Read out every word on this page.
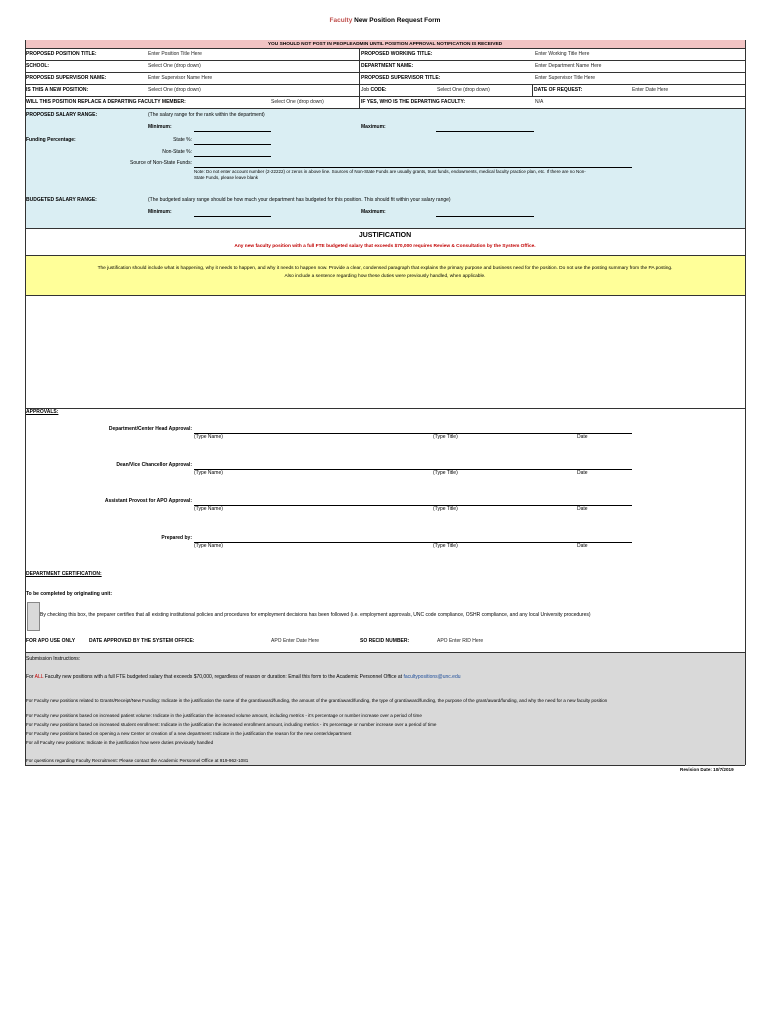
Faculty New Position Request Form
YOU SHOULD NOT POST IN PEOPLEADMIN UNTIL POSITION APPROVAL NOTIFICATION IS RECEIVED
PROPOSED POSITION TITLE:	Enter Position Title Here	PROPOSED WORKING TITLE:	Enter Working Title Here
SCHOOL:	Select One (drop down)	DEPARTMENT NAME:	Enter Department Name Here
PROPOSED SUPERVISOR NAME:	Enter Supervisor Name Here	PROPOSED SUPERVISOR TITLE:	Enter Supervisor Title Here
IS THIS A NEW POSITION:	Select One (drop down)	Job CODE:	Select One (drop down)	DATE OF REQUEST:	Enter Date Here
WILL THIS POSITION REPLACE A DEPARTING FACULTY MEMBER:	Select One (drop down)	IF YES, WHO IS THE DEPARTING FACULTY:	N/A
PROPOSED SALARY RANGE:	(The salary range for the rank within the department)
Minimum:	Maximum:
Funding Percentage:	State %:
Non-State %:
Source of Non-State Funds:
Note: Do not enter account number (2-22222) or zeros in above line. Sources of Non-State Funds are usually grants, trust funds, endowments, medical faculty practice plan, etc. If there are no Non-
State Funds, please leave blank
BUDGETED SALARY RANGE:	(The budgeted salary range should be how much your department has budgeted for this position. This should fit within your salary range)
Minimum:	Maximum:
JUSTIFICATION
Any new faculty position with a full FTE budgeted salary that exceeds $70,000 requires Review & Consultation by the System Office.
The justification should include what is happening, why it needs to happen, and why it needs to happen now. Provide a clear, condensed paragraph that explains the primary purpose and business need for the position. Do not use the posting summary from the PA posting.
Also include a sentence regarding how these duties were previously handled, when applicable.
APPROVALS:
Department/Center Head Approval:
(Type Name)	(Type Title)	Date
Dean/Vice Chancellor Approval:
(Type Name)	(Type Title)	Date
Assistant Provost for APO Approval:
(Type Name)	(Type Title)	Date
Prepared by:
(Type Name)	(Type Title)	Date
DEPARTMENT CERTIFICATION:
To be completed by originating unit:
By checking this box, the preparer certifies that all existing institutional policies and procedures for employment decisions has been followed (i.e. employment approvals, UNC code compliance, OSHR compliance, and any local University procedures)
FOR APO USE ONLY	DATE APPROVED BY THE SYSTEM OFFICE:	APO Enter Date Here	SO RECID NUMBER:	APO Enter RID Here
Submission Instructions:
For ALL Faculty new positions with a full FTE budgeted salary that exceeds $70,000, regardless of reason or duration: Email this form to the Academic Personnel Office at facultypositions@unc.edu
For Faculty new positions related to Grants/Receipt/New Funding: Indicate in the justification the name of the grant/award/funding, the amount of the grant/award/funding, the type of grant/award/funding, the purpose of the grant/award/funding, and why the need for a new faculty position
For Faculty new positions based on increased patient volume: Indicate in the justification the increased volume amount, including metrics - it's percentage or number increase over a period of time
For Faculty new positions based on increased student enrollment: Indicate in the justification the increased enrollment amount, including metrics - it's percentage or number increase over a period of time
For Faculty new positions based on opening a new Center or creation of a new department: Indicate in the justification the reason for the new center/department
For all Faculty new positions: Indicate in the justification how were duties previously handled
For questions regarding Faculty Recruitment: Please contact the Academic Personnel Office at 919-962-1081
Revision Date: 10/7/2019
